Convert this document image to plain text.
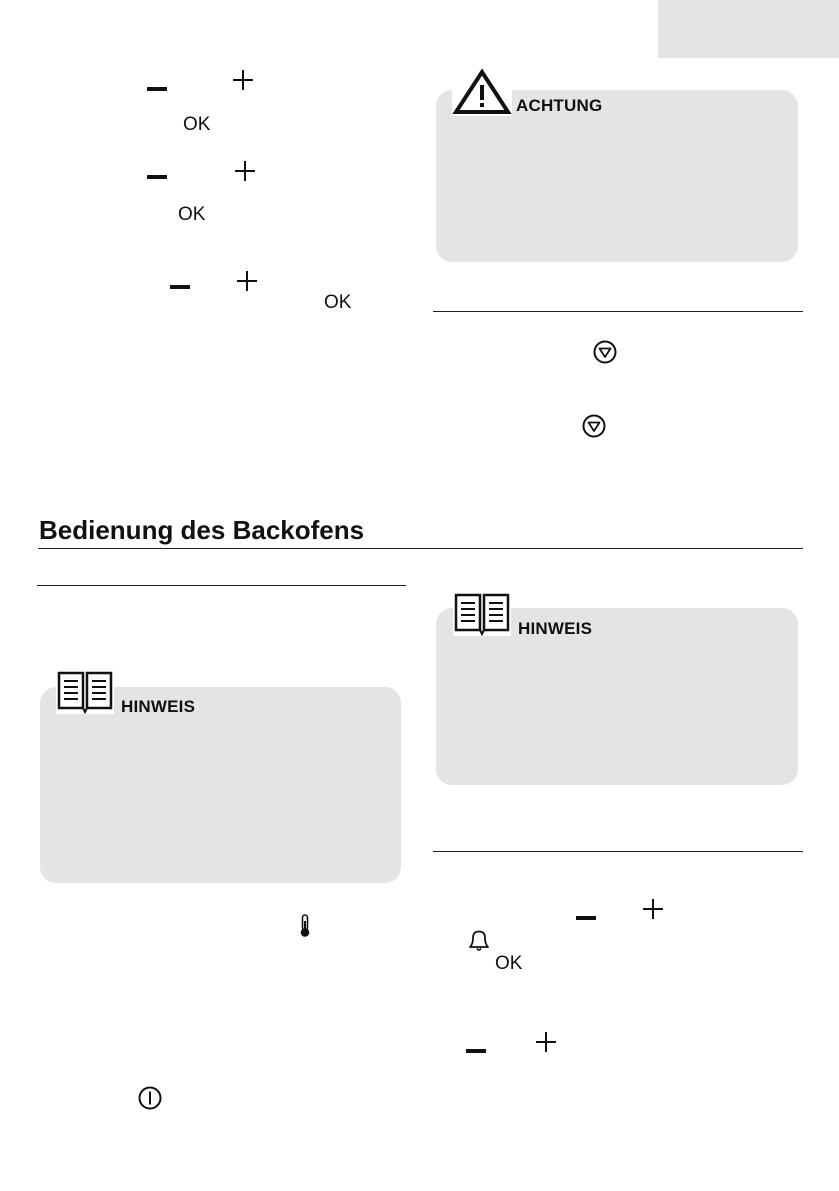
OK
OK
OK
ACHTUNG
Bedienung des Backofens
HINWEIS
HINWEIS
OK
